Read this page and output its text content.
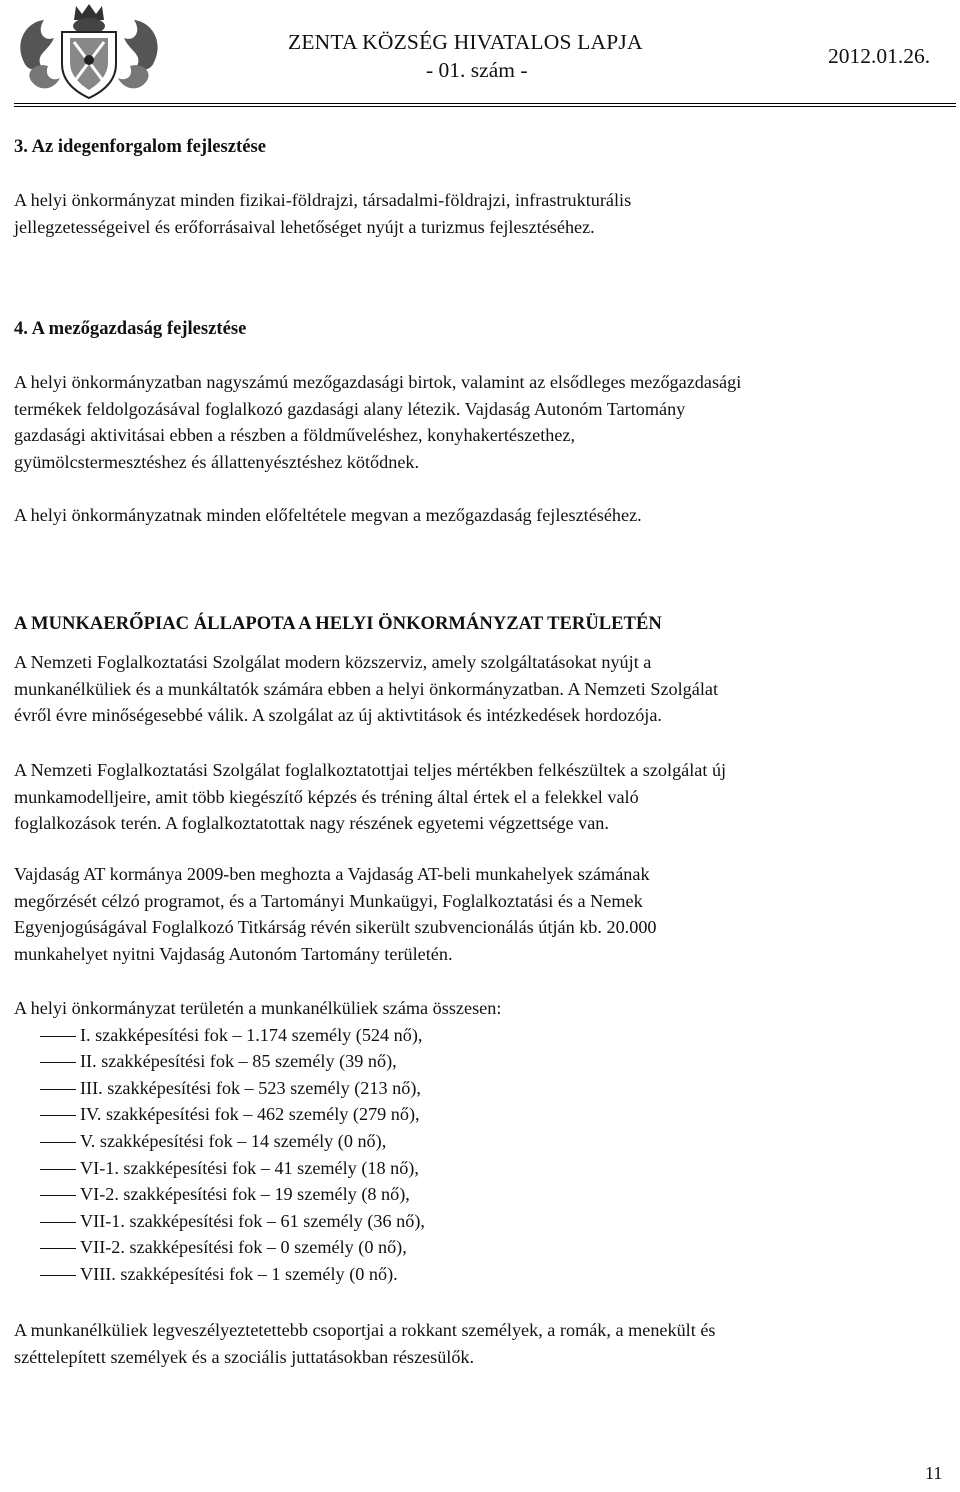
ZENTA KÖZSÉG HIVATALOS LAPJA
- 01. szám -
2012.01.26.
3. Az idegenforgalom fejlesztése
A helyi önkormányzat minden fizikai-földrajzi, társadalmi-földrajzi, infrastrukturális
jellegzetességeivel és erőforrásaival lehetőséget nyújt a turizmus fejlesztéséhez.
4. A mezőgazdaság fejlesztése
A helyi önkormányzatban nagyszámú mezőgazdasági birtok, valamint az elsődleges mezőgazdasági
termékek feldolgozásával foglalkozó gazdasági alany létezik. Vajdaság Autonóm Tartomány
gazdasági aktivitásai ebben a részben a földműveléshez, konyhakertészethez,
gyümölcstermesztéshez és állattenyésztéshez kötődnek.
A helyi önkormányzatnak minden előfeltétele megvan a mezőgazdaság fejlesztéséhez.
A MUNKAERŐPIAC ÁLLAPOTA A HELYI ÖNKORMÁNYZAT TERÜLETÉN
A Nemzeti Foglalkoztatási Szolgálat modern közszerviz, amely szolgáltatásokat nyújt a
munkanélküliek és a munkáltatók számára ebben a helyi önkormányzatban. A Nemzeti Szolgálat
évről évre minőségesebbé válik. A szolgálat az új aktivtitások és intézkedések hordozója.
A Nemzeti Foglalkoztatási Szolgálat foglalkoztatottjai teljes mértékben felkészültek a szolgálat új
munkamodelljeire, amit több kiegészítő képzés és tréning által értek el a felekkel való
foglalkozások terén. A foglalkoztatottak nagy részének egyetemi végzettsége van.
Vajdaság AT kormánya 2009-ben meghozta a Vajdaság AT-beli munkahelyek számának
megőrzését célzó programot, és a Tartományi Munkaügyi, Foglalkoztatási és a Nemek
Egyenjogúságával Foglalkozó Titkárság révén sikerült szubvencionálás útján kb. 20.000
munkahelyet nyitni Vajdaság Autonóm Tartomány területén.
A helyi önkormányzat területén a munkanélküliek száma összesen:
I. szakképesítési fok – 1.174 személy (524 nő),
II. szakképesítési fok – 85 személy (39 nő),
III. szakképesítési fok – 523 személy (213 nő),
IV. szakképesítési fok – 462 személy (279 nő),
V. szakképesítési fok – 14 személy (0 nő),
VI-1. szakképesítési fok – 41 személy (18 nő),
VI-2. szakképesítési fok – 19 személy (8 nő),
VII-1. szakképesítési fok – 61 személy (36 nő),
VII-2. szakképesítési fok – 0 személy (0 nő),
VIII. szakképesítési fok – 1 személy (0 nő).
A munkanélküliek legveszélyeztetettebb csoportjai a rokkant személyek, a romák, a menekült és
széttelepített személyek és a szociális juttatásokban részesülők.
11
